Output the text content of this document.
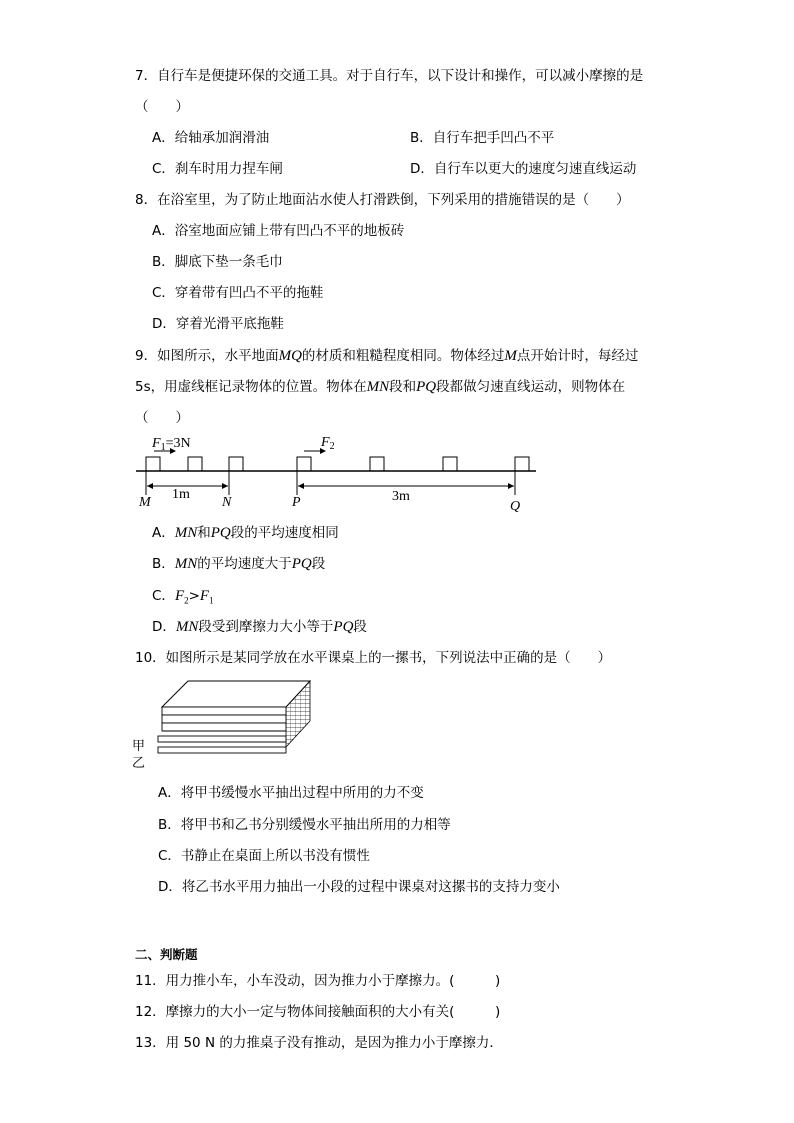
7．自行车是便捷环保的交通工具。对于自行车，以下设计和操作，可以减小摩擦的是
（　　）
A．给轴承加润滑油	B．自行车把手凹凸不平
C．刹车时用力捏车闸	D．自行车以更大的速度匀速直线运动
8．在浴室里，为了防止地面沾水使人打滑跌倒，下列采用的措施错误的是（　　）
A．浴室地面应铺上带有凹凸不平的地板砖
B．脚底下垫一条毛巾
C．穿着带有凹凸不平的拖鞋
D．穿着光滑平底拖鞋
9．如图所示，水平地面MQ的材质和粗糙程度相同。物体经过M点开始计时，每经过
5s，用虚线框记录物体的位置。物体在MN段和PQ段都做匀速直线运动，则物体在
（　　）
$F_1=3N$	$F_2$
1m	3m
M	N	P	Q
A．MN和PQ段的平均速度相同
B．MN的平均速度大于PQ段
C．$F_2>F_1$
D．MN段受到摩擦力大小等于PQ段
10．如图所示是某同学放在水平课桌上的一摞书，下列说法中正确的是（　　）
甲
乙
A．将甲书缓慢水平抽出过程中所用的力不变
B．将甲书和乙书分别缓慢水平抽出所用的力相等
C．书静止在桌面上所以书没有惯性
D．将乙书水平用力抽出一小段的过程中课桌对这摞书的支持力变小
二、判断题
11．用力推小车，小车没动，因为推力小于摩擦力。(　　　)
12．摩擦力的大小一定与物体间接触面积的大小有关(　　　)
13．用 50 N 的力推桌子没有推动，是因为推力小于摩擦力．
